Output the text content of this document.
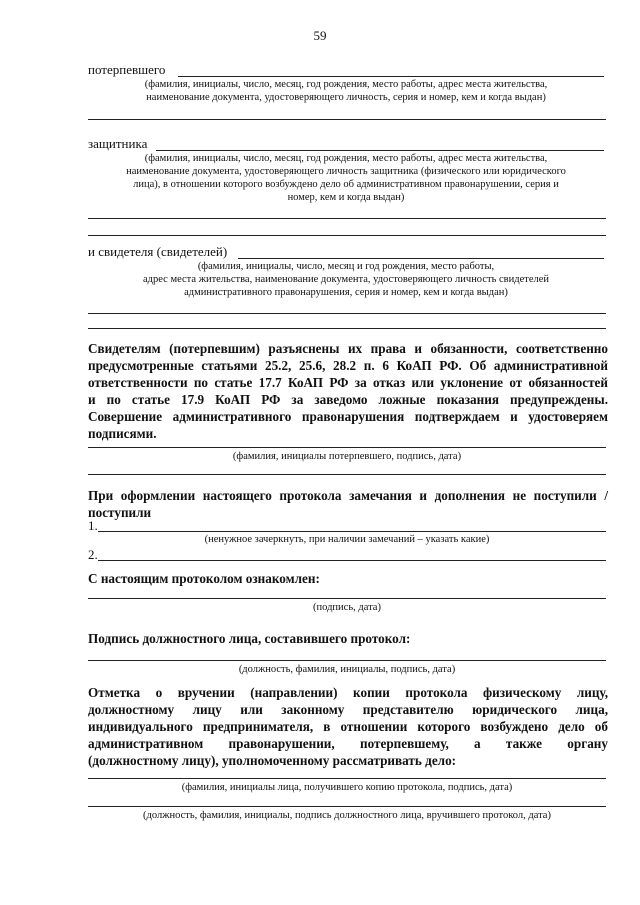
59
потерпевшего
(фамилия, инициалы, число, месяц, год рождения, место работы, адрес места жительства,
наименование документа, удостоверяющего личность, серия и номер, кем и когда выдан)
защитника
(фамилия, инициалы, число, месяц, год рождения, место работы, адрес места жительства,
наименование документа, удостоверяющего личность защитника (физического или юридического
лица), в отношении которого возбуждено дело об административном правонарушении, серия и
номер, кем и когда выдан)
и свидетеля (свидетелей)
(фамилия, инициалы, число, месяц и год рождения, место работы,
адрес места жительства, наименование документа, удостоверяющего личность свидетелей
административного правонарушения, серия и номер, кем и когда выдан)
Свидетелям (потерпевшим) разъяснены их права и обязанности, соответственно
предусмотренные статьями 25.2, 25.6, 28.2 п. 6 КоАП РФ. Об административной
ответственности по статье 17.7 КоАП РФ за отказ или уклонение от обязанностей
и по статье 17.9 КоАП РФ за заведомо ложные показания предупреждены.
Совершение административного правонарушения подтверждаем и удостоверяем
подписями.
(фамилия, инициалы потерпевшего, подпись, дата)
При оформлении настоящего протокола замечания и дополнения не поступили /
поступили
1.
(ненужное зачеркнуть, при наличии замечаний – указать какие)
2.
С настоящим протоколом ознакомлен:
(подпись, дата)
Подпись должностного лица, составившего протокол:
(должность, фамилия, инициалы, подпись, дата)
Отметка о вручении (направлении) копии протокола физическому лицу,
должностному лицу или законному представителю юридического лица,
индивидуального предпринимателя, в отношении которого возбуждено дело об
административном правонарушении, потерпевшему, а также органу
(должностному лицу), уполномоченному рассматривать дело:
(фамилия, инициалы лица, получившего копию протокола, подпись, дата)
(должность, фамилия, инициалы, подпись должностного лица, вручившего протокол, дата)
